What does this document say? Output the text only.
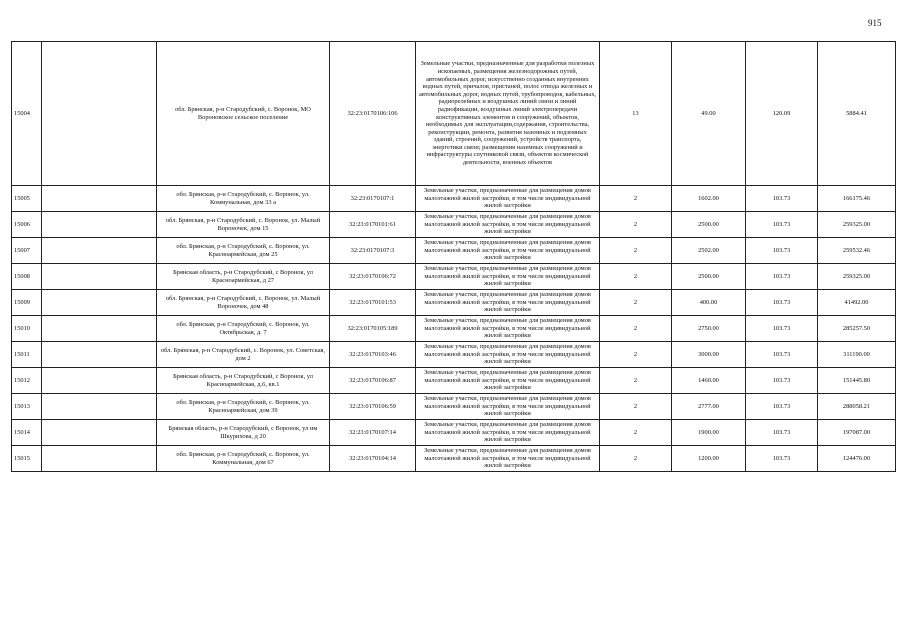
915
15004		обл. Брянская, р-н Стародубский, с. Воронок, МО Вороновское сельское поселение	32:23:0170106:106	Земельные участки, предназначенные для разработки полезных ископаемых, размещения железнодорожных путей, автомобильных дорог, искусственно созданных внутренних водных путей, причалов, пристаней, полос отвода железных и автомобильных дорог, водных путей, трубопроводов, кабельных, радиорелейных и воздушных линий связи и линий радиофикации, воздушных линий электропередачи конструктивных элементов и сооружений, объектов, необходимых для эксплуатации,содержания, строительства, реконструкции, ремонта, развития наземных и подземных зданий, строений, сооружений, устройств транспорта, энергетики связи; размещения наземных сооружений и инфраструктуры спутниковой связи, объектов космической деятельности, военных объектов	13	49.00	120.09	5884.41
15005		обл. Брянская, р-н Стародубский, с. Воронок, ул. Коммунальная, дом 33 а	32:23:0170107:1	Земельные участки, предназначенные для размещения домов малоэтажной жилой застройки, в том числе индивидуальной жилой застройки	2	1602.00	103.73	166175.46
15006		обл. Брянская, р-н Стародубский, с. Воронок, ул. Малый Вороночек, дом 15	32:23:0170101:61	Земельные участки, предназначенные для размещения домов малоэтажной жилой застройки, в том числе индивидуальной жилой застройки	2	2500.00	103.73	259325.00
15007		обл. Брянская, р-н Стародубский, с. Воронок, ул. Красноармейская, дом 25	32:23:0170107:3	Земельные участки, предназначенные для размещения домов малоэтажной жилой застройки, в том числе индивидуальной жилой застройки	2	2502.00	103.73	259532.46
15008		Брянская область, р-н Стародубский, с Воронок, ул Красноармейская, д 27	32:23:0170106:72	Земельные участки, предназначенные для размещения домов малоэтажной жилой застройки, в том числе индивидуальной жилой застройки	2	2500.00	103.73	259325.00
15009		обл. Брянская, р-н Стародубский, с. Воронок, ул. Малый Вороночек, дом 48	32:23:0170101:53	Земельные участки, предназначенные для размещения домов малоэтажной жилой застройки, в том числе индивидуальной жилой застройки	2	400.00	103.73	41492.00
15010		обл. Брянская, р-н Стародубский, с. Воронок, ул. Октябрьская, д. 7	32:23:0170105:189	Земельные участки, предназначенные для размещения домов малоэтажной жилой застройки, в том числе индивидуальной жилой застройки	2	2750.00	103.73	285257.50
15011		обл. Брянская, р-н Стародубский, с. Воронок, ул. Советская, дом 2	32:23:0170103:46	Земельные участки, предназначенные для размещения домов малоэтажной жилой застройки, в том числе индивидуальной жилой застройки	2	3000.00	103.73	311190.00
15012		Брянская область, р-н Стародубский, с Воронок, ул Красноармейская, д.6, кв.1	32:23:0170106:87	Земельные участки, предназначенные для размещения домов малоэтажной жилой застройки, в том числе индивидуальной жилой застройки	2	1460.00	103.73	151445.80
15013		обл. Брянская, р-н Стародубский, с. Воронок, ул. Красноармейская, дом 39	32:23:0170106:59	Земельные участки, предназначенные для размещения домов малоэтажной жилой застройки, в том числе индивидуальной жилой застройки	2	2777.00	103.73	288058.21
15014		Брянская область, р-н Стародубский, с Воронок, ул им Шкурихова, д 20	32:23:0170107:14	Земельные участки, предназначенные для размещения домов малоэтажной жилой застройки, в том числе индивидуальной жилой застройки	2	1900.00	103.73	197087.00
15015		обл. Брянская, р-н Стародубский, с. Воронок, ул. Коммунальная, дом 67	32:23:0170104:14	Земельные участки, предназначенные для размещения домов малоэтажной жилой застройки, в том числе индивидуальной жилой застройки	2	1200.00	103.73	124476.00
